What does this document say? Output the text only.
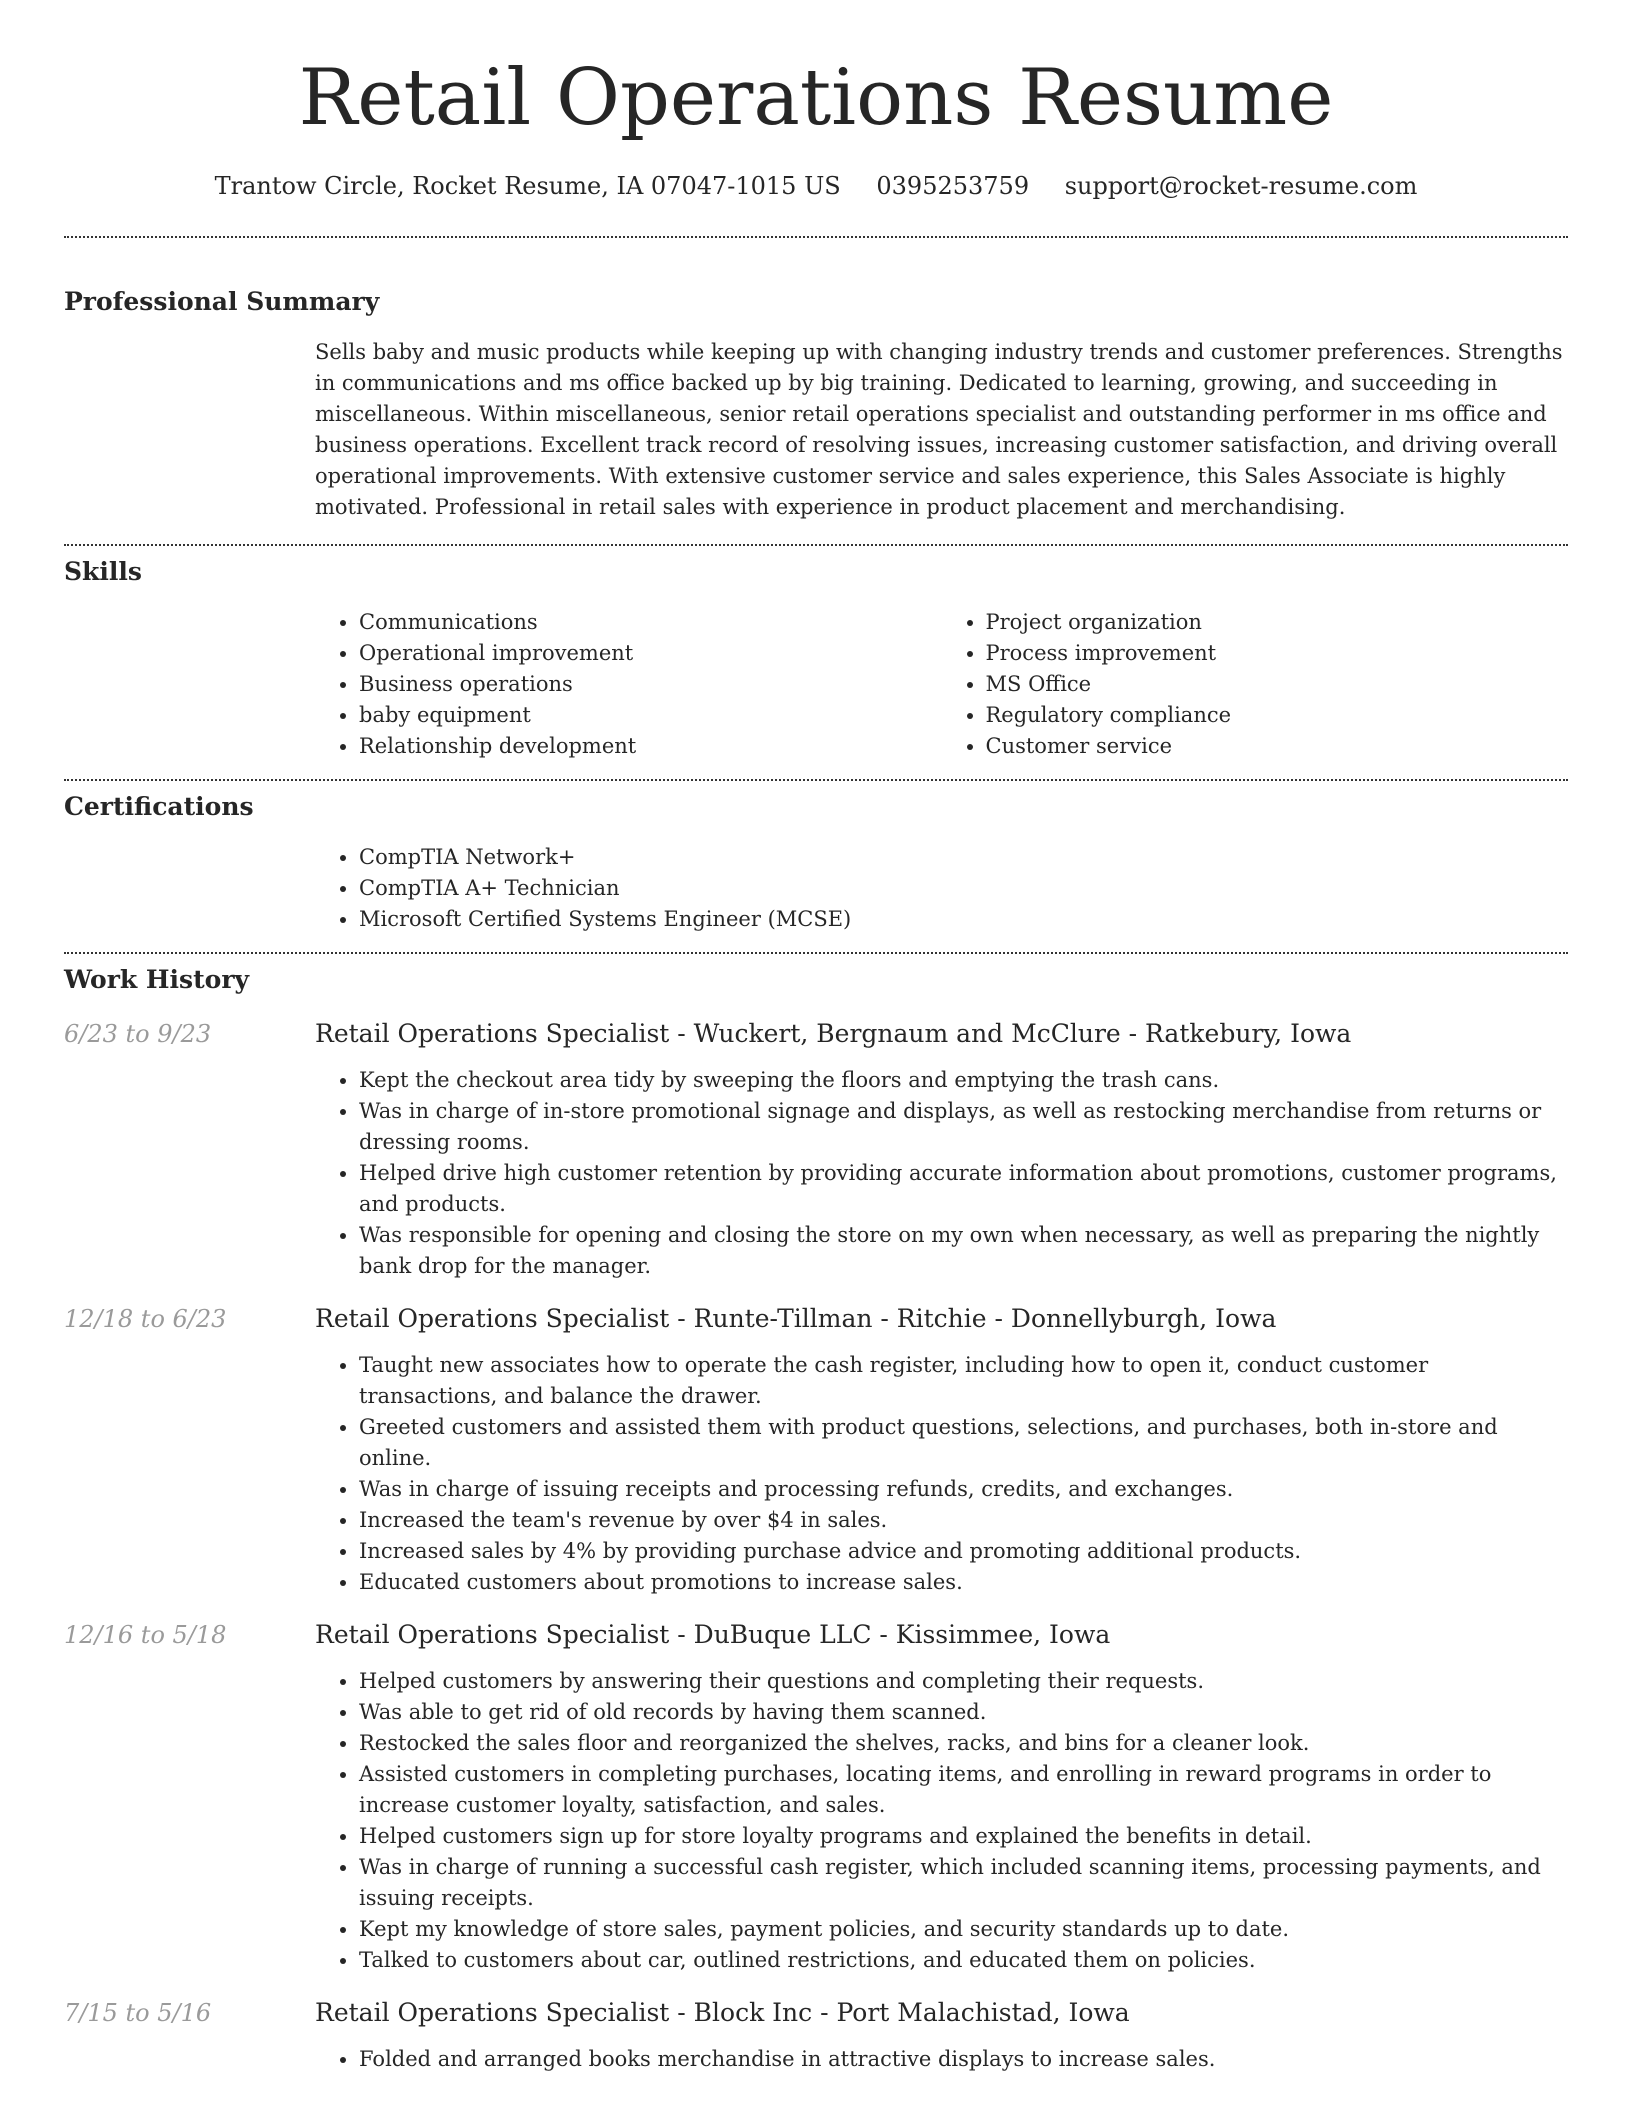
Retail Operations Resume
Trantow Circle, Rocket Resume, IA 07047-1015 US 0395253759 support@rocket-resume.com
Professional Summary

Sells baby and music products while keeping up with changing industry trends and customer preferences. Strengths in communications and ms office backed up by big training. Dedicated to learning, growing, and succeeding in miscellaneous. Within miscellaneous, senior retail operations specialist and outstanding performer in ms office and business operations. Excellent track record of resolving issues, increasing customer satisfaction, and driving overall operational improvements. With extensive customer service and sales experience, this Sales Associate is highly motivated. Professional in retail sales with experience in product placement and merchandising.

Skills
• Communications
• Operational improvement
• Business operations
• baby equipment
• Relationship development
• Project organization
• Process improvement
• MS Office
• Regulatory compliance
• Customer service
Certifications
• CompTIA Network+
• CompTIA A+ Technician
• Microsoft Certified Systems Engineer (MCSE)
Work History
6/23 to 9/23	Retail Operations Specialist - Wuckert, Bergnaum and McClure - Ratkebury, Iowa
• Kept the checkout area tidy by sweeping the floors and emptying the trash cans.
• Was in charge of in-store promotional signage and displays, as well as restocking merchandise from returns or dressing rooms.
• Helped drive high customer retention by providing accurate information about promotions, customer programs, and products.
• Was responsible for opening and closing the store on my own when necessary, as well as preparing the nightly bank drop for the manager.
12/18 to 6/23	Retail Operations Specialist - Runte-Tillman - Ritchie - Donnellyburgh, Iowa
• Taught new associates how to operate the cash register, including how to open it, conduct customer transactions, and balance the drawer.
• Greeted customers and assisted them with product questions, selections, and purchases, both in-store and online.
• Was in charge of issuing receipts and processing refunds, credits, and exchanges.
• Increased the team's revenue by over $4 in sales.
• Increased sales by 4% by providing purchase advice and promoting additional products.
• Educated customers about promotions to increase sales.
12/16 to 5/18	Retail Operations Specialist - DuBuque LLC - Kissimmee, Iowa
• Helped customers by answering their questions and completing their requests.
• Was able to get rid of old records by having them scanned.
• Restocked the sales floor and reorganized the shelves, racks, and bins for a cleaner look.
• Assisted customers in completing purchases, locating items, and enrolling in reward programs in order to increase customer loyalty, satisfaction, and sales.
• Helped customers sign up for store loyalty programs and explained the benefits in detail.
• Was in charge of running a successful cash register, which included scanning items, processing payments, and issuing receipts.
• Kept my knowledge of store sales, payment policies, and security standards up to date.
• Talked to customers about car, outlined restrictions, and educated them on policies.
7/15 to 5/16	Retail Operations Specialist - Block Inc - Port Malachistad, Iowa
• Folded and arranged books merchandise in attractive displays to increase sales.
